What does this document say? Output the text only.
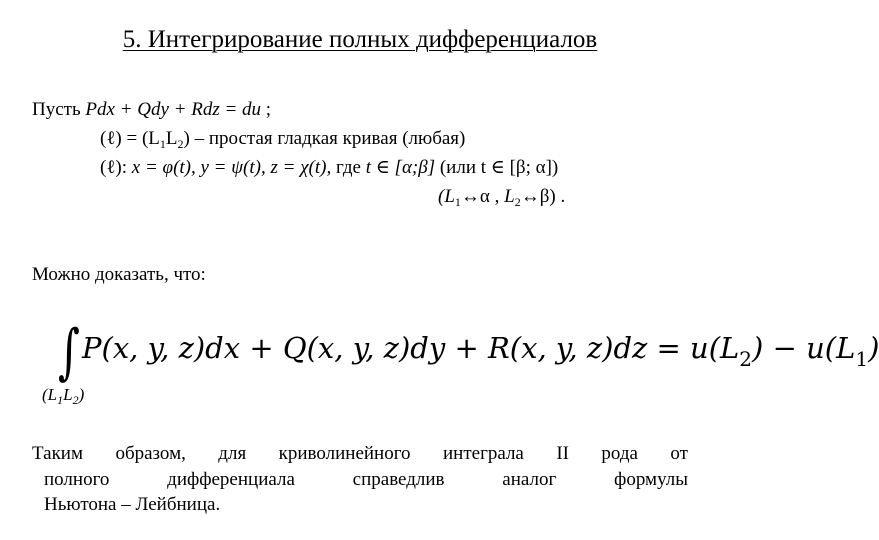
5. Интегрирование полных дифференциалов
Пусть Pdx + Qdy + Rdz = du ;
(ℓ) = $(L_1L_2)$ – простая гладкая кривая (любая)
(ℓ): x = φ(t), y = ψ(t), z = χ(t), где t ∈ [α;β] (или t ∈ [β; α])
($L_1\leftrightarrow\alpha$ , $L_2\leftrightarrow\beta$) .
Можно доказать, что:
∫
$(L_1L_2)$
P(x, y, z)dx + Q(x, y, z)dy + R(x, y, $z)dz = u(L_2) - u(L_1)$
Таким образом, для криволинейного интеграла II рода от
полного дифференциала справедлив аналог формулы
Ньютона – Лейбница.
